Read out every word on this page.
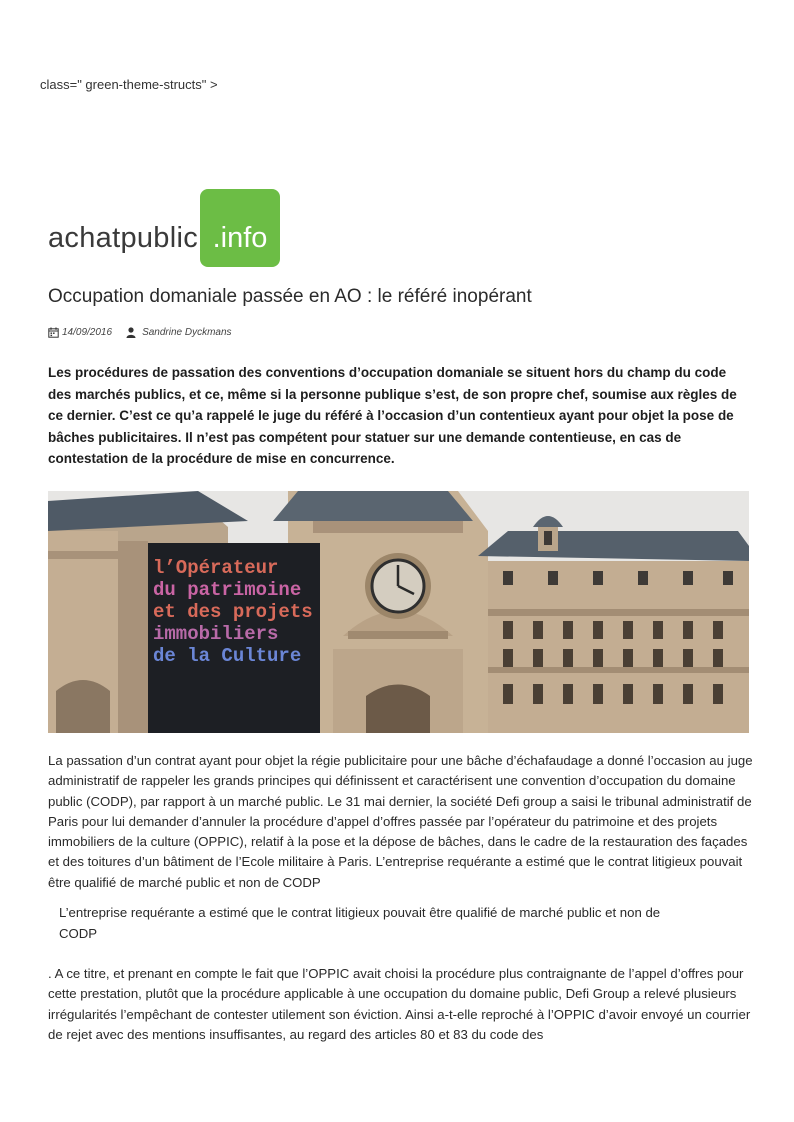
class=" green-theme-structs" >
achatpublic .info
Occupation domaniale passée en AO : le référé inopérant
14/09/2016	Sandrine Dyckmans

Les procédures de passation des conventions d’occupation domaniale se situent hors du champ du code des marchés publics, et ce, même si la personne publique s’est, de son propre chef, soumise aux règles de ce dernier. C’est ce qu’a rappelé le juge du référé à l’occasion d’un contentieux ayant pour objet la pose de bâches publicitaires. Il n’est pas compétent pour statuer sur une demande contentieuse, en cas de contestation de la procédure de mise en concurrence.

l’Opérateur
du patrimoine
et des projets
immobiliers
de la Culture

La passation d’un contrat ayant pour objet la régie publicitaire pour une bâche d’échafaudage a donné l’occasion au juge administratif de rappeler les grands principes qui définissent et caractérisent une convention d’occupation du domaine public (CODP), par rapport à un marché public. Le 31 mai dernier, la société Defi group a saisi le tribunal administratif de Paris pour lui demander d’annuler la procédure d’appel d’offres passée par l’opérateur du patrimoine et des projets immobiliers de la culture (OPPIC), relatif à la pose et la dépose de bâches, dans le cadre de la restauration des façades et des toitures d’un bâtiment de l’Ecole militaire à Paris. L’entreprise requérante a estimé que le contrat litigieux pouvait être qualifié de marché public et non de CODP

L’entreprise requérante a estimé que le contrat litigieux pouvait être qualifié de marché public et non de
CODP

. A ce titre, et prenant en compte le fait que l’OPPIC avait choisi la procédure plus contraignante de l’appel d’offres pour cette prestation, plutôt que la procédure applicable à une occupation du domaine public, Defi Group a relevé plusieurs irrégularités l’empêchant de contester utilement son éviction. Ainsi a-t-elle reproché à l’OPPIC d’avoir envoyé un courrier de rejet avec des mentions insuffisantes, au regard des articles 80 et 83 du code des
